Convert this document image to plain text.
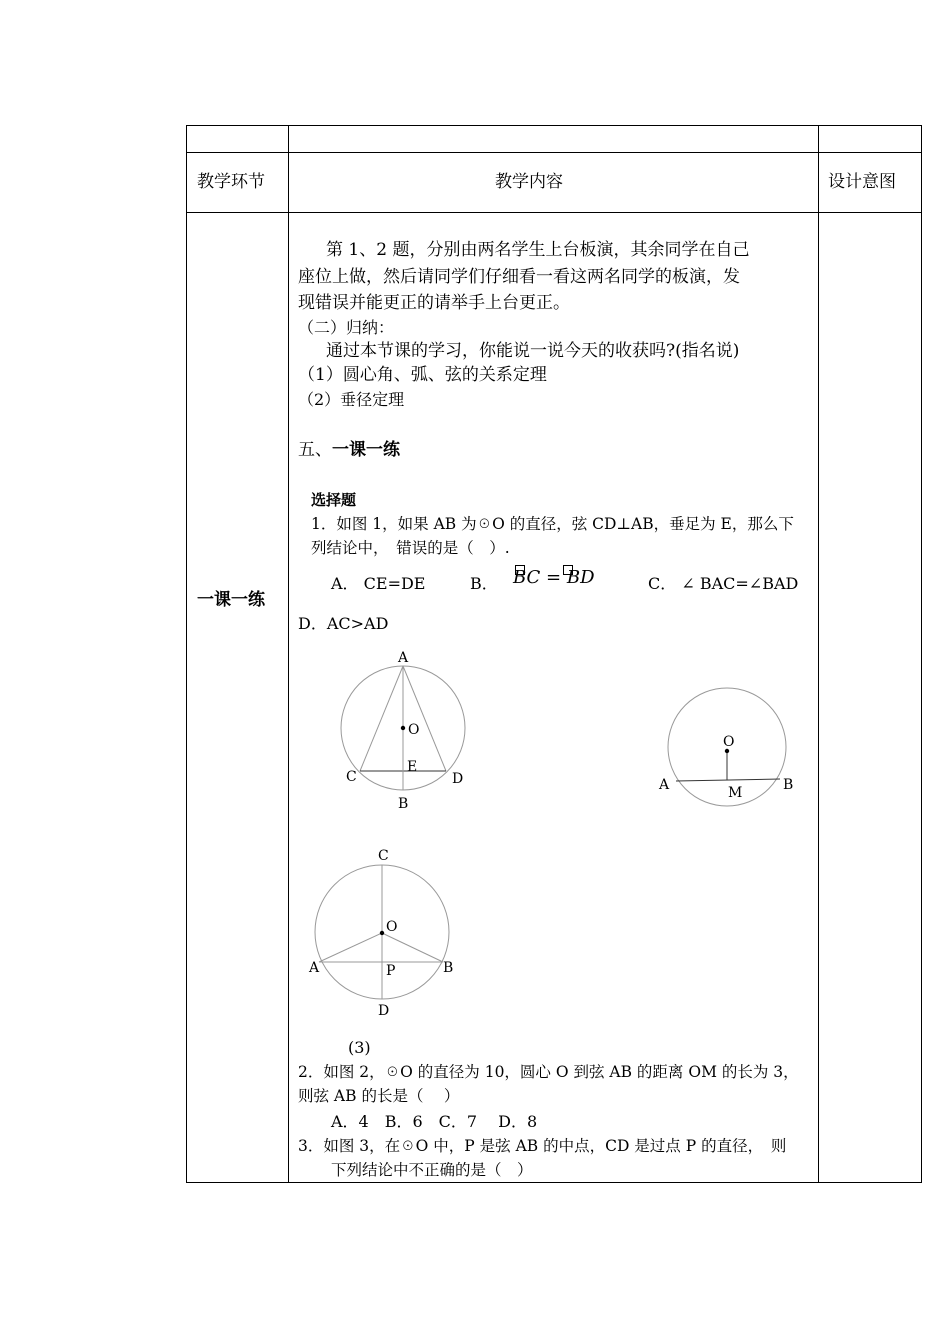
教学环节	教学内容	设计意图
一课一练
第 1、2 题，分别由两名学生上台板演，其余同学在自己
座位上做，然后请同学们仔细看一看这两名同学的板演，发
现错误并能更正的请举手上台更正。
（二）归纳：
通过本节课的学习，你能说一说今天的收获吗?(指名说)
（1）圆心角、弧、弦的关系定理
（2）垂径定理
五、一课一练
选择题
1．如图 1，如果 AB 为☉O 的直径，弦 CD⊥AB，垂足为 E，那么下
列结论中，　错误的是（　）.
A． CE=DE	B． BC = BD	C． ∠ BAC=∠BAD
D．AC>AD
A
O
C
E
D
B
O
A	M	B
C
O
A	P	B
D
(3)
2．如图 2，☉O 的直径为 10，圆心 O 到弦 AB 的距离 OM 的长为 3，
则弦 AB 的长是（　 ）
A．4　B．6　C．7　 D．8
3．如图 3，在☉O 中，P 是弦 AB 的中点，CD 是过点 P 的直径，　则
下列结论中不正确的是（　）
